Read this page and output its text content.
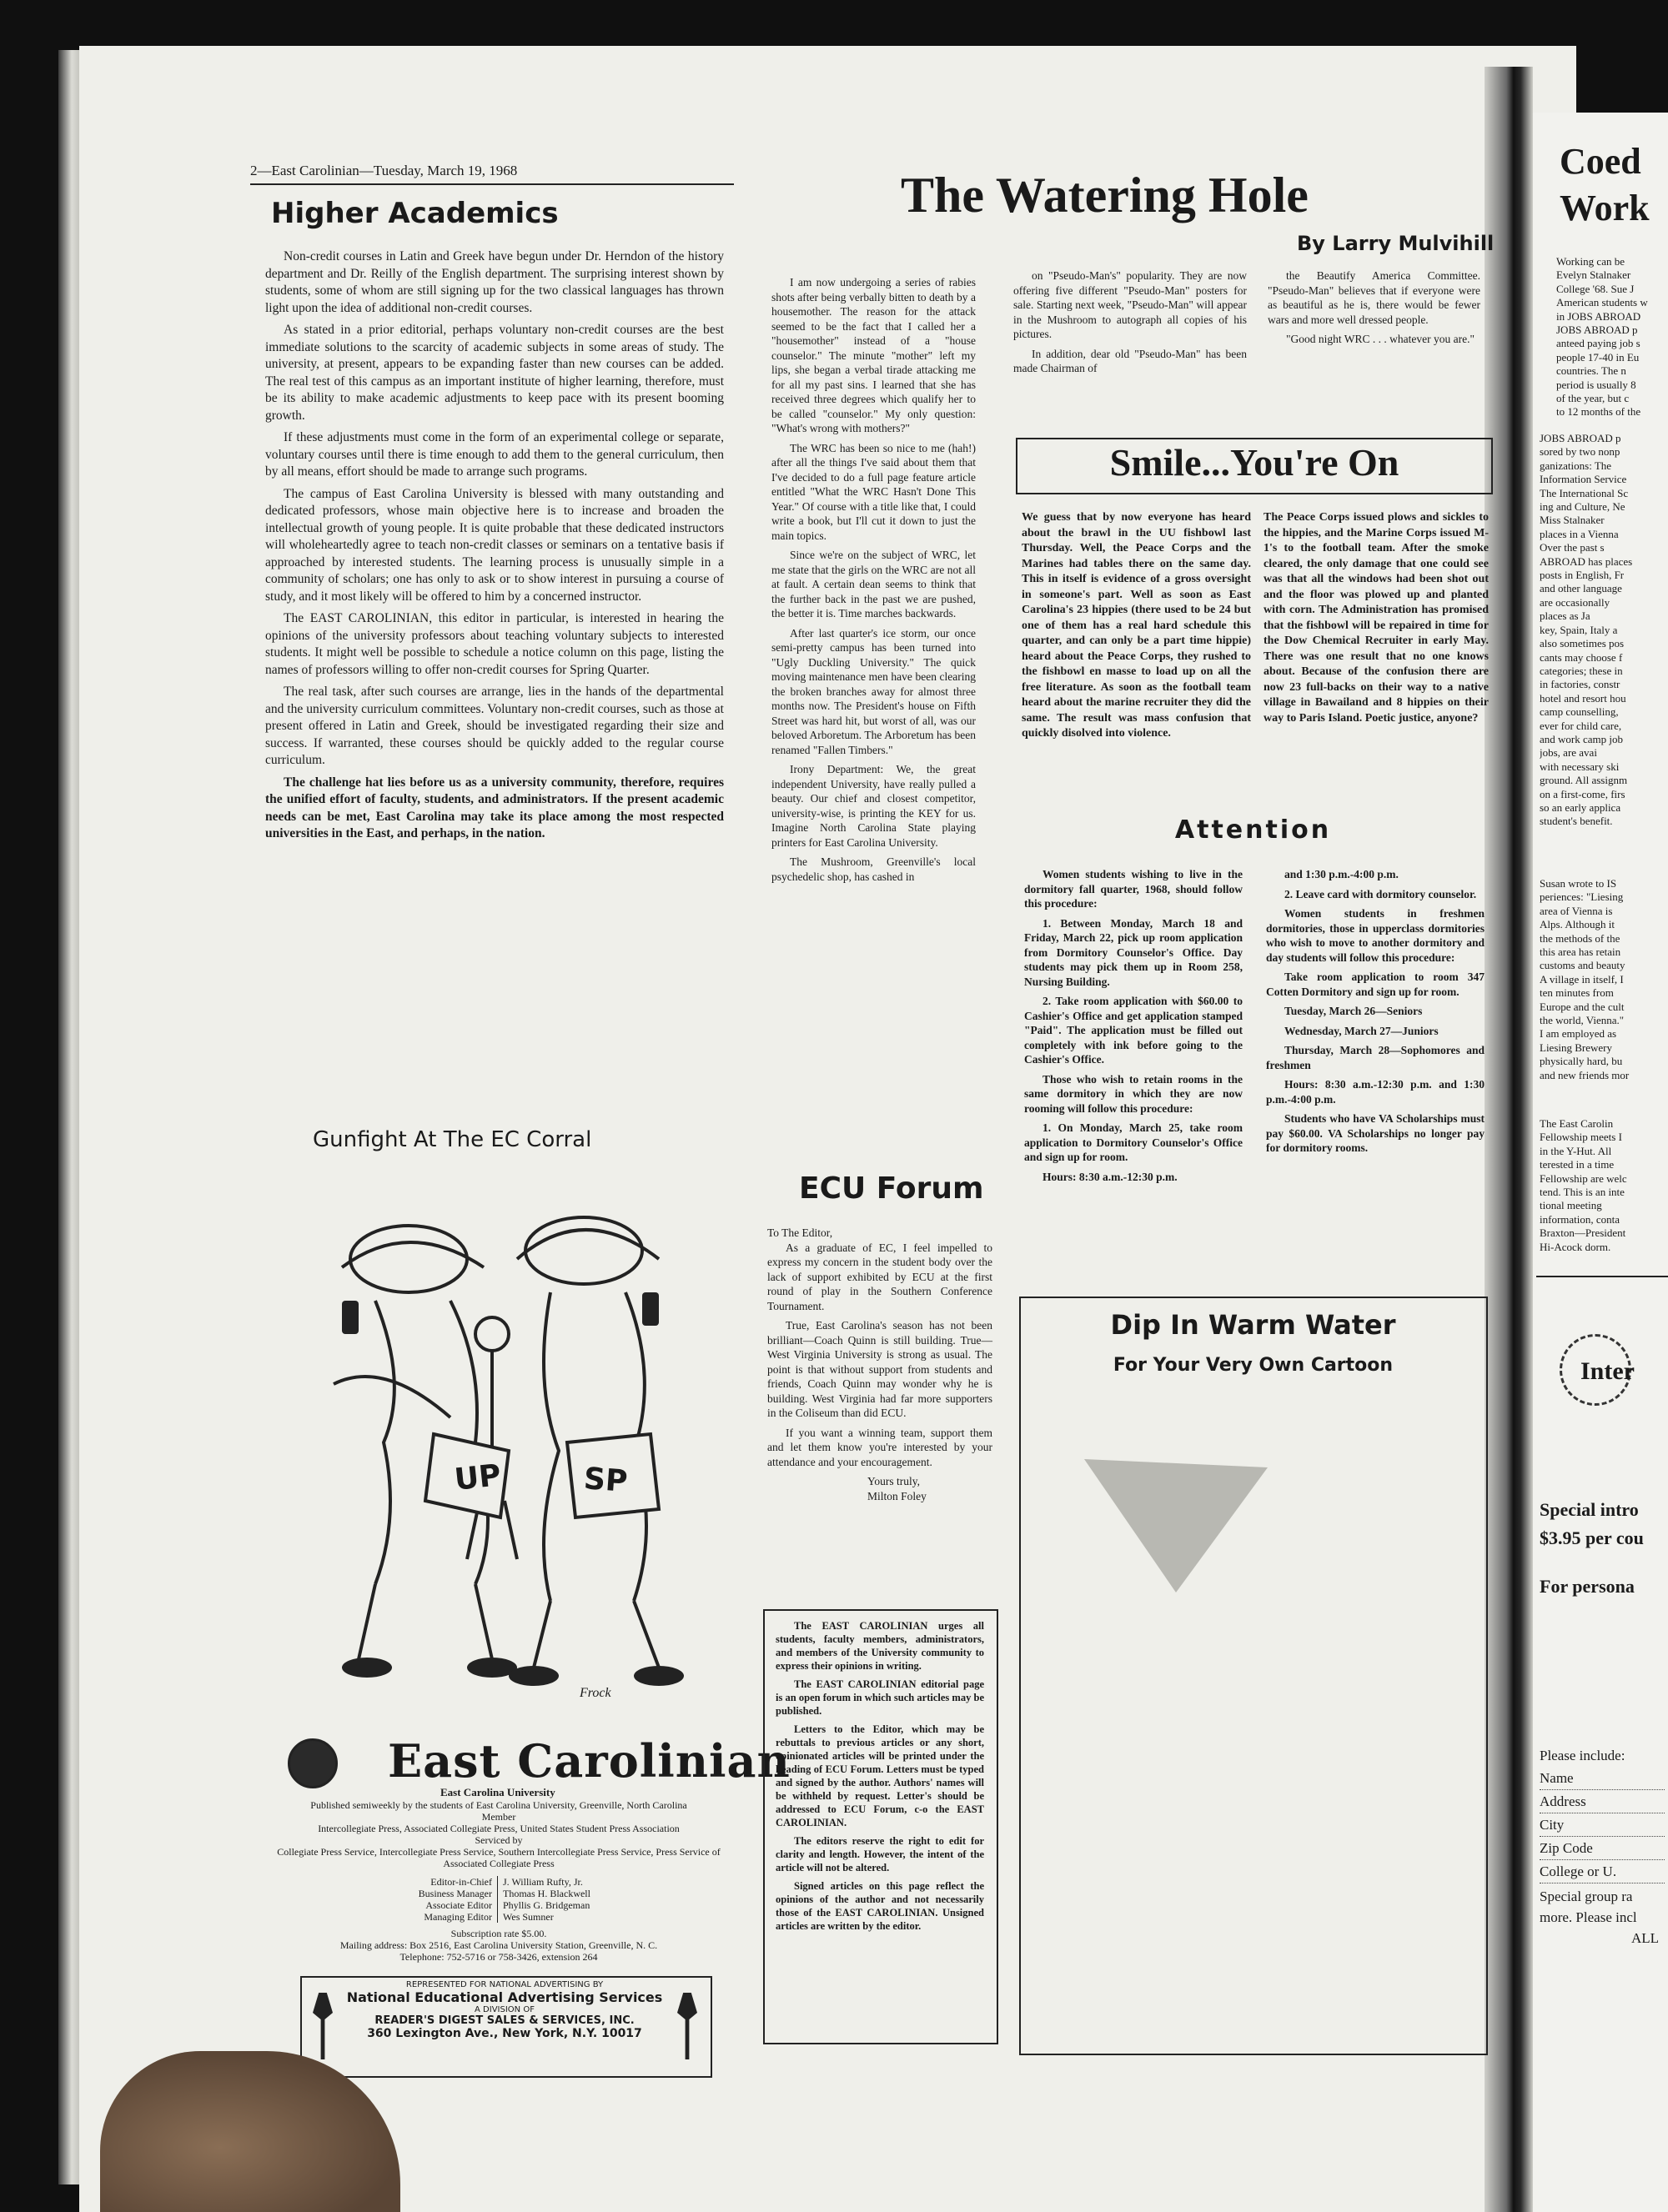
2—East Carolinian—Tuesday, March 19, 1968
Higher Academics

Non-credit courses in Latin and Greek have begun under Dr. Herndon of the history department and Dr. Reilly of the English department. The surprising interest shown by students, some of whom are still signing up for the two classical languages has thrown light upon the idea of additional non-credit courses.

As stated in a prior editorial, perhaps voluntary non-credit courses are the best immediate solutions to the scarcity of academic subjects in some areas of study. The university, at present, appears to be expanding faster than new courses can be added. The real test of this campus as an important institute of higher learning, therefore, must be its ability to make academic adjustments to keep pace with its present booming growth.

If these adjustments must come in the form of an experimental college or separate, voluntary courses until there is time enough to add them to the general curriculum, then by all means, effort should be made to arrange such programs.

The campus of East Carolina University is blessed with many outstanding and dedicated professors, whose main objective here is to increase and broaden the intellectual growth of young people. It is quite probable that these dedicated instructors will wholeheartedly agree to teach non-credit classes or seminars on a tentative basis if approached by interested students. The learning process is unusually simple in a community of scholars; one has only to ask or to show interest in pursuing a course of study, and it most likely will be offered to him by a concerned instructor.

The EAST CAROLINIAN, this editor in particular, is interested in hearing the opinions of the university professors about teaching voluntary subjects to interested students. It might well be possible to schedule a notice column on this page, listing the names of professors willing to offer non-credit courses for Spring Quarter.

The real task, after such courses are arrange, lies in the hands of the departmental and the university curriculum committees. Voluntary non-credit courses, such as those at present offered in Latin and Greek, should be investigated regarding their size and success. If warranted, these courses should be quickly added to the regular course curriculum.

The challenge hat lies before us as a university community, therefore, requires the unified effort of faculty, students, and administrators. If the present academic needs can be met, East Carolina may take its place among the most respected universities in the East, and perhaps, in the nation.

Gunfight At The EC Corral
UP	SP
Frock
East Carolinian
East Carolina University
Published semiweekly by the students of East Carolina University, Greenville, North Carolina
Member
Intercollegiate Press, Associated Collegiate Press, United States Student Press Association
Serviced by
Collegiate Press Service, Intercollegiate Press Service, Southern Intercollegiate Press Service, Press Service of Associated Collegiate Press
Editor-in-Chief	J. William Rufty, Jr.
Business Manager	Thomas H. Blackwell
Associate Editor	Phyllis G. Bridgeman
Managing Editor	Wes Sumner
Subscription rate $5.00.
Mailing address: Box 2516, East Carolina University Station, Greenville, N. C.
Telephone: 752-5716 or 758-3426, extension 264
REPRESENTED FOR NATIONAL ADVERTISING BY
National Educational Advertising Services
A DIVISION OF
READER'S DIGEST SALES & SERVICES, INC.
360 Lexington Ave., New York, N.Y. 10017
The Watering Hole
By Larry Mulvihill

I am now undergoing a series of rabies shots after being verbally bitten to death by a housemother. The reason for the attack seemed to be the fact that I called her a "housemother" instead of a "house counselor." The minute "mother" left my lips, she began a verbal tirade attacking me for all my past sins. I learned that she has received three degrees which qualify her to be called "counselor." My only question: "What's wrong with mothers?"

The WRC has been so nice to me (hah!) after all the things I've said about them that I've decided to do a full page feature article entitled "What the WRC Hasn't Done This Year." Of course with a title like that, I could write a book, but I'll cut it down to just the main topics.

Since we're on the subject of WRC, let me state that the girls on the WRC are not all at fault. A certain dean seems to think that the further back in the past we are pushed, the better it is. Time marches backwards.

After last quarter's ice storm, our once semi-pretty campus has been turned into "Ugly Duckling University." The quick moving maintenance men have been clearing the broken branches away for almost three months now. The President's house on Fifth Street was hard hit, but worst of all, was our beloved Arboretum. The Arboretum has been renamed "Fallen Timbers."

Irony Department: We, the great independent University, have really pulled a beauty. Our chief and closest competitor, university-wise, is printing the KEY for us. Imagine North Carolina State playing printers for East Carolina University.

The Mushroom, Greenville's local psychedelic shop, has cashed in

on "Pseudo-Man's" popularity. They are now offering five different "Pseudo-Man" posters for sale. Starting next week, "Pseudo-Man" will appear in the Mushroom to autograph all copies of his pictures.

In addition, dear old "Pseudo-Man" has been made Chairman of

the Beautify America Committee. "Pseudo-Man" believes that if everyone were as beautiful as he is, there would be fewer wars and more well dressed people.

"Good night WRC . . . whatever you are."

ECU Forum
To The Editor,

As a graduate of EC, I feel impelled to express my concern in the student body over the lack of support exhibited by ECU at the first round of play in the Southern Conference Tournament.

True, East Carolina's season has not been brilliant—Coach Quinn is still building. True—West Virginia University is strong as usual. The point is that without support from students and friends, Coach Quinn may wonder why he is building. West Virginia had far more supporters in the Coliseum than did ECU.

If you want a winning team, support them and let them know you're interested by your attendance and your encouragement.

Yours truly,
Milton Foley

The EAST CAROLINIAN urges all students, faculty members, administrators, and members of the University community to express their opinions in writing.

The EAST CAROLINIAN editorial page is an open forum in which such articles may be published.

Letters to the Editor, which may be rebuttals to previous articles or any short, opinionated articles will be printed under the heading of ECU Forum. Letters must be typed and signed by the author. Authors' names will be withheld by request. Letter's should be addressed to ECU Forum, c-o the EAST CAROLINIAN.

The editors reserve the right to edit for clarity and length. However, the intent of the article will not be altered.

Signed articles on this page reflect the opinions of the author and not necessarily those of the EAST CAROLINIAN. Unsigned articles are written by the editor.

Smile...You're On
We guess that by now everyone has heard about the brawl in the UU fishbowl last Thursday. Well, the Peace Corps and the Marines had tables there on the same day. This in itself is evidence of a gross oversight in someone's part. Well as soon as East Carolina's 23 hippies (there used to be 24 but one of them has a real hard schedule this quarter, and can only be a part time hippie) heard about the Peace Corps, they rushed to the fishbowl en masse to load up on all the free literature. As soon as the football team heard about the marine recruiter they did the same. The result was mass confusion that quickly disolved into violence.
The Peace Corps issued plows and sickles to the hippies, and the Marine Corps issued M-1's to the football team. After the smoke cleared, the only damage that one could see was that all the windows had been shot out and the floor was plowed up and planted with corn. The Administration has promised that the fishbowl will be repaired in time for the Dow Chemical Recruiter in early May. There was one result that no one knows about. Because of the confusion there are now 23 full-backs on their way to a native village in Bawailand and 8 hippies on their way to Paris Island. Poetic justice, anyone?
Attention

Women students wishing to live in the dormitory fall quarter, 1968, should follow this procedure:

1. Between Monday, March 18 and Friday, March 22, pick up room application from Dormitory Counselor's Office. Day students may pick them up in Room 258, Nursing Building.

2. Take room application with $60.00 to Cashier's Office and get application stamped "Paid". The application must be filled out completely with ink before going to the Cashier's Office.

Those who wish to retain rooms in the same dormitory in which they are now rooming will follow this procedure:

1. On Monday, March 25, take room application to Dormitory Counselor's Office and sign up for room.

Hours: 8:30 a.m.-12:30 p.m.

and 1:30 p.m.-4:00 p.m.

2. Leave card with dormitory counselor.

Women students in freshmen dormitories, those in upperclass dormitories who wish to move to another dormitory and day students will follow this procedure:

Take room application to room 347 Cotten Dormitory and sign up for room.

Tuesday, March 26—Seniors

Wednesday, March 27—Juniors

Thursday, March 28—Sophomores and freshmen

Hours: 8:30 a.m.-12:30 p.m. and 1:30 p.m.-4:00 p.m.

Students who have VA Scholarships must pay $60.00. VA Scholarships no longer pay for dormitory rooms.

Dip In Warm Water
For Your Very Own Cartoon
Coed
Work
Working can be
Evelyn Stalnaker
College '68. Sue J
American students w
in JOBS ABROAD
JOBS ABROAD p
anteed paying job s
people 17-40 in Eu
countries. The n
period is usually 8
of the year, but c
to 12 months of the
JOBS ABROAD p
sored by two nonp
ganizations: The
Information Service
The International Sc
ing and Culture, Ne
Miss Stalnaker
places in a Vienna
Over the past s
ABROAD has places
posts in English, Fr
and other language
are occasionally
places as Ja
key, Spain, Italy a
also sometimes pos
cants may choose f
categories; these in
in factories, constr
hotel and resort hou
camp counselling,
ever for child care,
and work camp job
jobs, are avai
with necessary ski
ground. All assignm
on a first-come, firs
so an early applica
student's benefit.
Susan wrote to IS
periences: "Liesing
area of Vienna is
Alps. Although it
the methods of the
this area has retain
customs and beauty
A village in itself, I
ten minutes from
Europe and the cult
the world, Vienna."
I am employed as
Liesing Brewery
physically hard, bu
and new friends mor
The East Carolin
Fellowship meets I
in the Y-Hut. All
terested in a time
Fellowship are welc
tend. This is an inte
tional meeting
information, conta
Braxton—President
Hi-Acock dorm.
Inter
Special intro
$3.95 per cou
For persona
Please include:
Name
Address
City
Zip Code
College or U.
Special group ra
more. Please incl
ALL
